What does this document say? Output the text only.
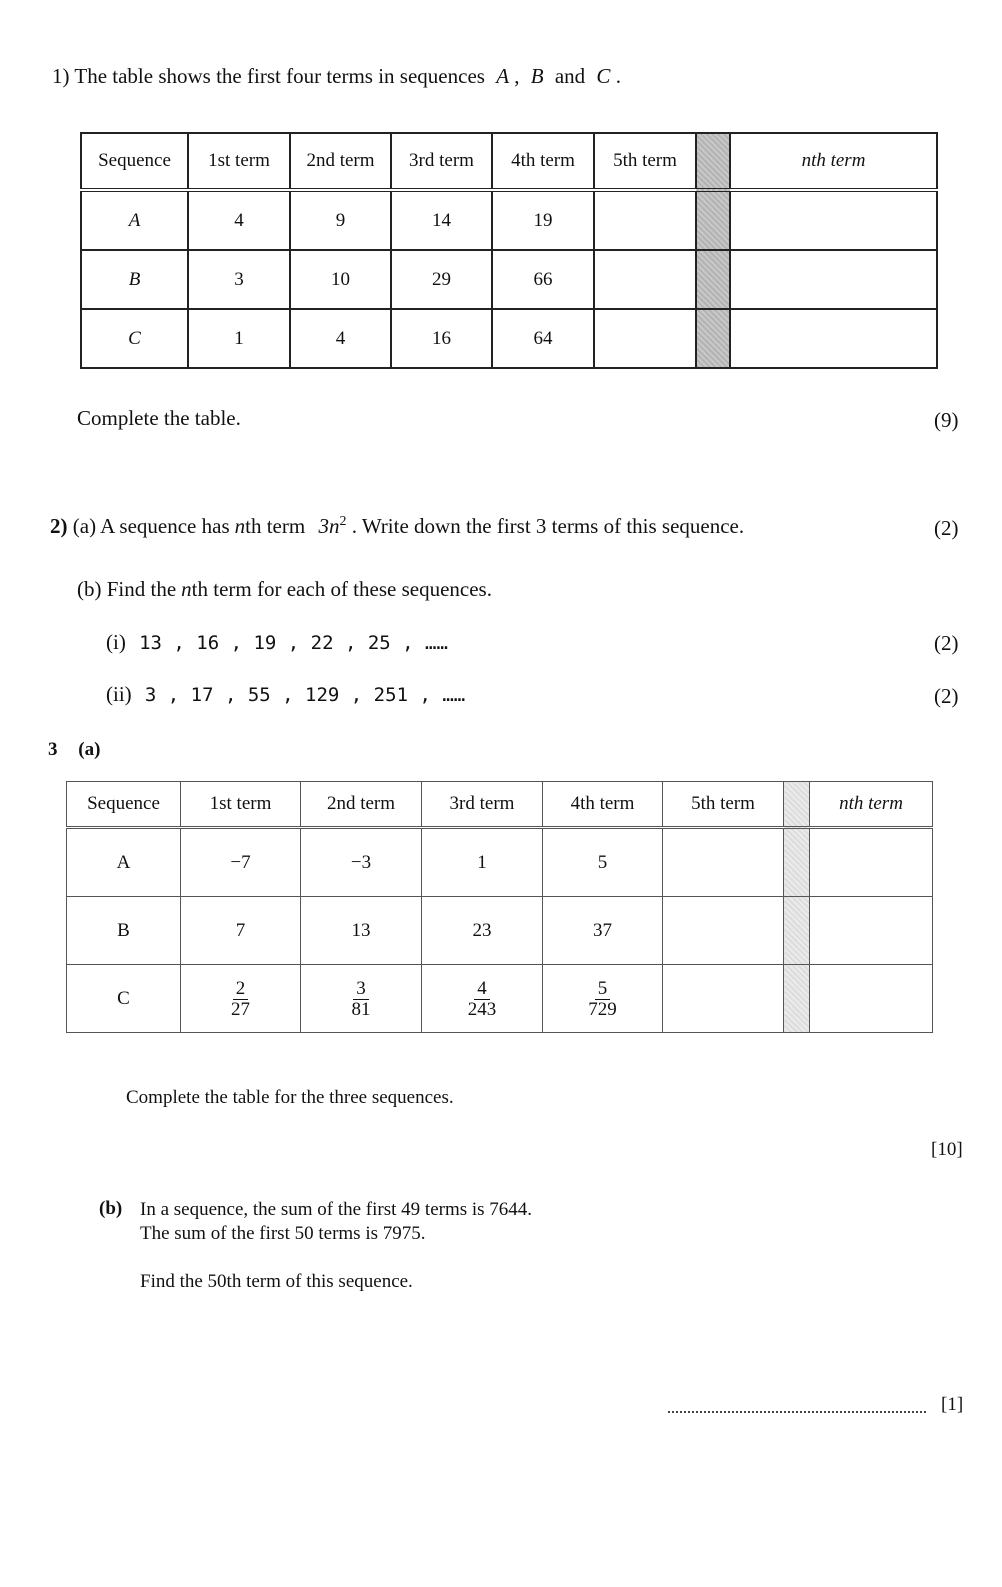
1) The table shows the first four terms in sequences A , B and C .
Sequence	1st term	2nd term	3rd term	4th term	5th term		nth term
A	4	9	14	19			
B	3	10	29	66			
C	1	4	16	64			
Complete the table.	(9)
2) (a) A sequence has nth term $3n^2$ . Write down the first 3 terms of this sequence.	(2)
(b) Find the nth term for each of these sequences.
(i) 13 , 16 , 19 , 22 , 25 , ……	(2)
(ii) 3 , 17 , 55 , 129 , 251 , ……	(2)
3 (a)
Sequence	1st term	2nd term	3rd term	4th term	5th term		nth term
A	−7	−3	1	5			
B	7	13	23	37			
C	$\frac{2}{27}$	$\frac{3}{81}$	$\frac{4}{243}$	$\frac{5}{729}$

Complete the table for the three sequences.
[10]
(b) In a sequence, the sum of the first 49 terms is 7644.
The sum of the first 50 terms is 7975.
Find the 50th term of this sequence.
[1]
